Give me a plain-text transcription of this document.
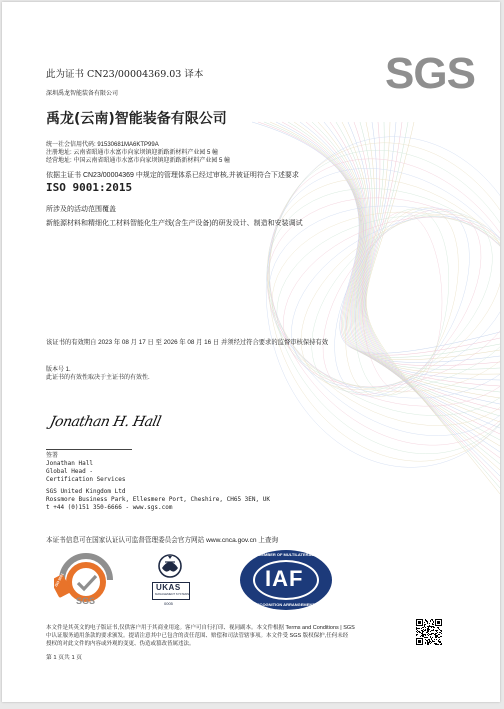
此为证书 CN23/00004369.03 译本	SGS
深圳禹龙智能装备有限公司
禹龙(云南)智能装备有限公司
统一社会信用代码: 91530681MA6KTP99A
注册地址: 云南省昭通市水富市向家坝镇迎新路新材料产业园 5 幢
经营地址: 中国云南省昭通市水富市向家坝镇迎新路新材料产业园 5 幢
依据主证书 CN23/00004369 中规定的管理体系已经过审核,并被证明符合下述要求
ISO 9001:2015
所涉及的活动范围覆盖
新能源材料和精细化工材料智能化生产线(含生产设备)的研发设计、制造和安装调试
该证书的有效期自 2023 年 08 月 17 日 至 2026 年 08 月 16 日 并须经过符合要求的监督审核保持有效
版本号 1.
此证书的有效性取决于主证书的有效性.
Jonathan H. Hall
签署
Jonathan Hall
Global Head -
Certification Services
SGS United Kingdom Ltd
Rossmore Business Park, Ellesmere Port, Cheshire, CH65 3EN, UK
t +44 (0)151 350-6666 - www.sgs.com
本证书信息可在国家认证认可监督管理委员会官方网站 www.cnca.gov.cn 上查询
ISO 9001
SGS
UKAS
MANAGEMENT SYSTEMS
0005
IAF
MEMBER OF MULTILATERAL
RECOGNITION ARRANGEMENT
本文件是其英文的电子版证书,仅供客户用于其商业用途。客户可自行打印、视同副本。本文件根据 Terms and Conditions | SGS
中认证服务通用条款的要求颁发。提请注意其中已包含的责任范围、赔偿和司法管辖事项。本文件受 SGS 版权保护,任何未经
授权的对此文件的内容或外观的变更、伪造或篡改皆属违法。
第 1 页共 1 页
